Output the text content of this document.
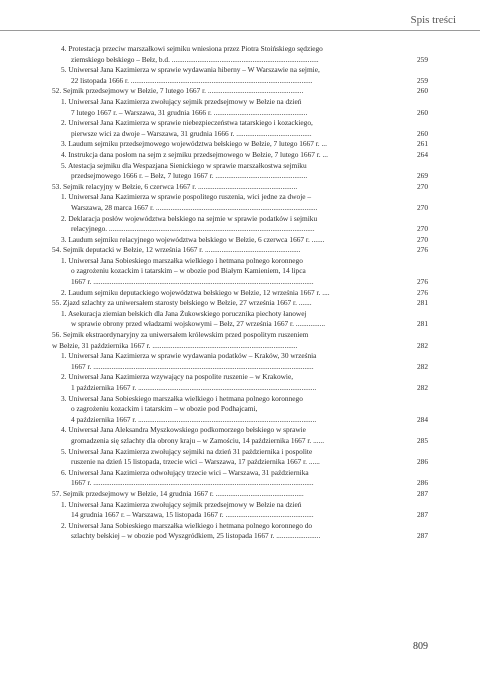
Spis treści
4. Protestacja przeciw marszałkowi sejmiku wniesiona przez Piotra Stoińskiego sędziego
ziemskiego bełskiego – Bełz, b.d. ................................................................................	259
5. Uniwersał Jana Kazimierza w sprawie wydawania hiberny – W Warszawie na sejmie,
22 listopada 1666 r. ...................................................................................................	259
52. Sejmik przedsejmowy w Bełzie, 7 lutego 1667 r. ....................................................	260
1. Uniwersał Jana Kazimierza zwołujący sejmik przedsejmowy w Bełzie na dzień
7 lutego 1667 r. – Warszawa, 31 grudnia 1666 r. ...................................................	260
2. Uniwersał Jana Kazimierza w sprawie niebezpieczeństwa tatarskiego i kozackiego,
pierwsze wici za dwoje – Warszawa, 31 grudnia 1666 r. .........................................	260
3. Laudum sejmiku przedsejmowego województwa bełskiego w Bełzie, 7 lutego 1667 r. ...	261
4. Instrukcja dana posłom na sejm z sejmiku przedsejmowego w Bełzie, 7 lutego 1667 r. ...	264
5. Atestacja sejmiku dla Wespazjana Sienickiego w sprawie marszałkostwa sejmiku
przedsejmowego 1666 r. – Bełz, 7 lutego 1667 r. ..................................................	269
53. Sejmik relacyjny w Bełzie, 6 czerwca 1667 r. ......................................................	270
1. Uniwersał Jana Kazimierza w sprawie pospolitego ruszenia, wici jedne za dwoje –
Warszawa, 28 marca 1667 r. ........................................................................................	270
2. Deklaracja posłów województwa bełskiego na sejmie w sprawie podatków i sejmiku
relacyjnego. ................................................................................................................	270
3. Laudum sejmiku relacyjnego województwa bełskiego w Bełzie, 6 czerwca 1667 r. .......	270
54. Sejmik deputacki w Bełzie, 12 września 1667 r. ....................................................	276
1. Uniwersał Jana Sobieskiego marszałka wielkiego i hetmana polnego koronnego
o zagrożeniu kozackim i tatarskim – w obozie pod Białym Kamieniem, 14 lipca
1667 r. ........................................................................................................................	276
2. Laudum sejmiku deputackiego województwa bełskiego w Bełzie, 12 września 1667 r. ....	276
55. Zjazd szlachty za uniwersałem starosty bełskiego w Bełzie, 27 września 1667 r. .......	281
1. Asekuracja ziemian bełskich dla Jana Żukowskiego porucznika piechoty łanowej
w sprawie obrony przed władzami wojskowymi – Bełz, 27 września 1667 r. ................	281
56. Sejmik ekstraordynaryjny za uniwersałem królewskim przed pospolitym ruszeniem
w Bełzie, 31 października 1667 r. ...............................................................................	282
1. Uniwersał Jana Kazimierza w sprawie wydawania podatków – Kraków, 30 września
1667 r. ........................................................................................................................	282
2. Uniwersał Jana Kazimierza wzywający na pospolite ruszenie – w Krakowie,
1 października 1667 r. .................................................................................................	282
3. Uniwersał Jana Sobieskiego marszałka wielkiego i hetmana polnego koronnego
o zagrożeniu kozackim i tatarskim – w obozie pod Podhajcami,
4 października 1667 r. .................................................................................................	284
4. Uniwersał Jana Aleksandra Myszkowskiego podkomorzego bełskiego w sprawie
gromadzenia się szlachty dla obrony kraju – w Zamościu, 14 października 1667 r. ......	285
5. Uniwersał Jana Kazimierza zwołujący sejmiki na dzień 31 października i pospolite
ruszenie na dzień 15 listopada, trzecie wici – Warszawa, 17 października 1667 r. ......	286
6. Uniwersał Jana Kazimierza odwołujący trzecie wici – Warszawa, 31 października
1667 r. ........................................................................................................................	286
57. Sejmik przedsejmowy w Bełzie, 14 grudnia 1667 r. ................................................	287
1. Uniwersał Jana Kazimierza zwołujący sejmik przedsejmowy w Bełzie na dzień
14 grudnia 1667 r. – Warszawa, 15 listopada 1667 r. ................................................	287
2. Uniwersał Jana Sobieskiego marszałka wielkiego i hetmana polnego koronnego do
szlachty bełskiej – w obozie pod Wyszgródkiem, 25 listopada 1667 r. ........................	287
809
